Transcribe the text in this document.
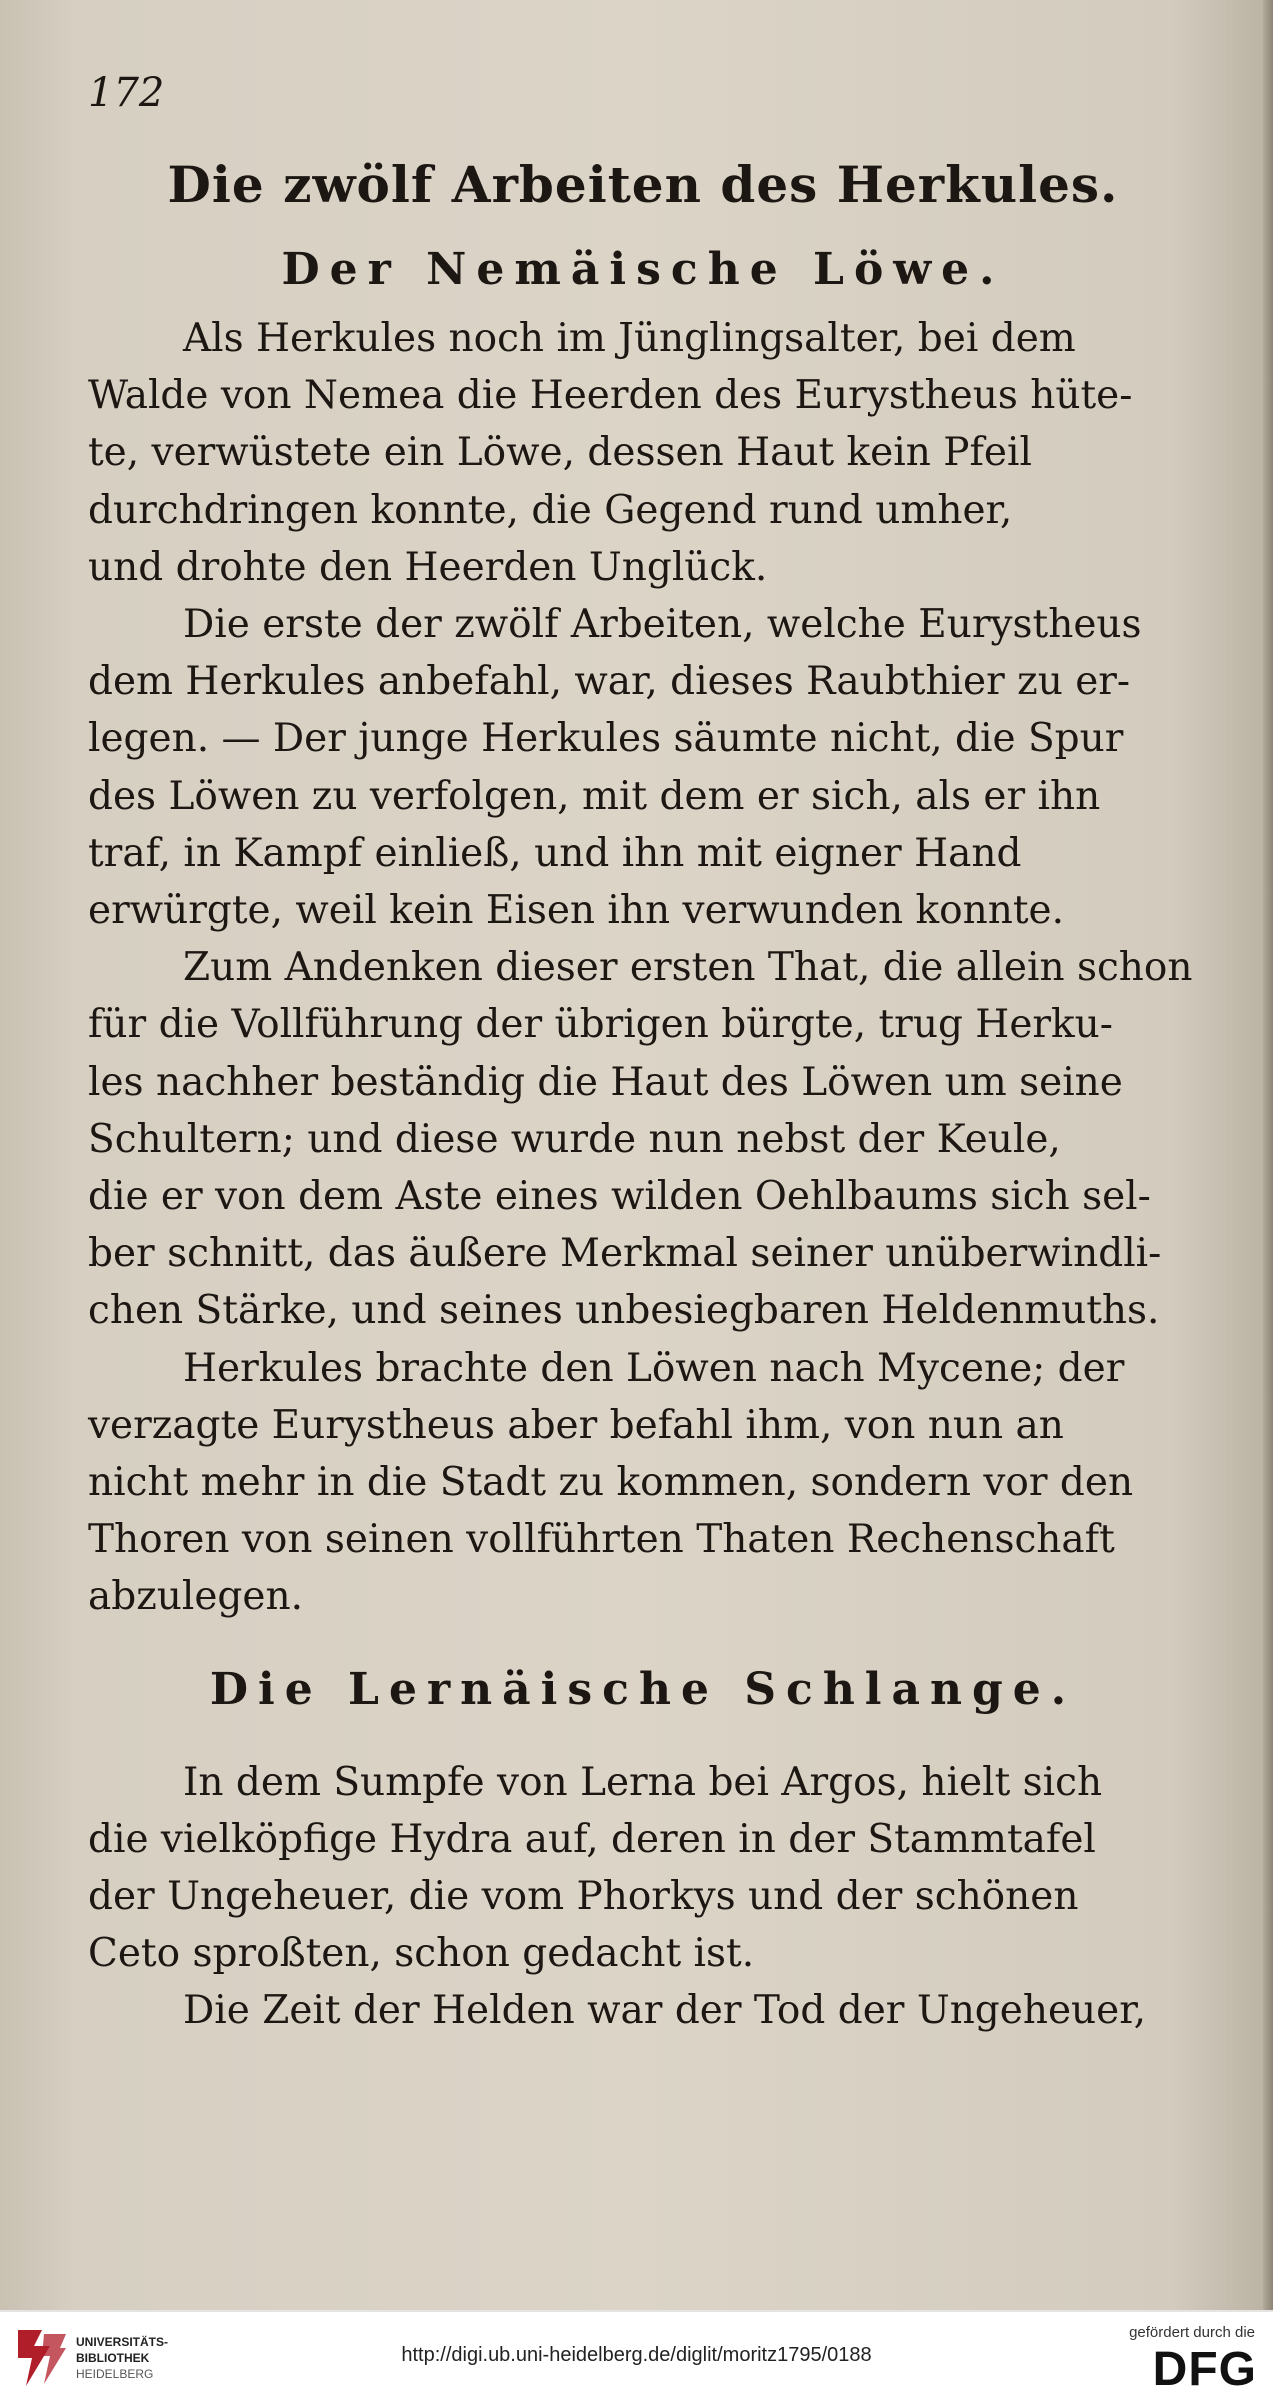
172
Die zwölf Arbeiten des Herkules.
Der Nemäische Löwe.

Als Herkules noch im Jünglingsalter, bei dem

Walde von Nemea die Heerden des Eurystheus hüte-

te, verwüstete ein Löwe, dessen Haut kein Pfeil

durchdringen konnte, die Gegend rund umher,

und drohte den Heerden Unglück.

Die erste der zwölf Arbeiten, welche Eurystheus

dem Herkules anbefahl, war, dieses Raubthier zu er-

legen. — Der junge Herkules säumte nicht, die Spur

des Löwen zu verfolgen, mit dem er sich, als er ihn

traf, in Kampf einließ, und ihn mit eigner Hand

erwürgte, weil kein Eisen ihn verwunden konnte.

Zum Andenken dieser ersten That, die allein schon

für die Vollführung der übrigen bürgte, trug Herku-

les nachher beständig die Haut des Löwen um seine

Schultern; und diese wurde nun nebst der Keule,

die er von dem Aste eines wilden Oehlbaums sich sel-

ber schnitt, das äußere Merkmal seiner unüberwindli-

chen Stärke, und seines unbesiegbaren Heldenmuths.

Herkules brachte den Löwen nach Mycene; der

verzagte Eurystheus aber befahl ihm, von nun an

nicht mehr in die Stadt zu kommen, sondern vor den

Thoren von seinen vollführten Thaten Rechenschaft

abzulegen.

Die Lernäische Schlange.

In dem Sumpfe von Lerna bei Argos, hielt sich

die vielköpfige Hydra auf, deren in der Stammtafel

der Ungeheuer, die vom Phorkys und der schönen

Ceto sproßten, schon gedacht ist.

Die Zeit der Helden war der Tod der Ungeheuer,

UNIVERSITÄTS-
BIBLIOTHEK
HEIDELBERG
http://digi.ub.uni-heidelberg.de/diglit/moritz1795/0188
gefördert durch die
DFG
